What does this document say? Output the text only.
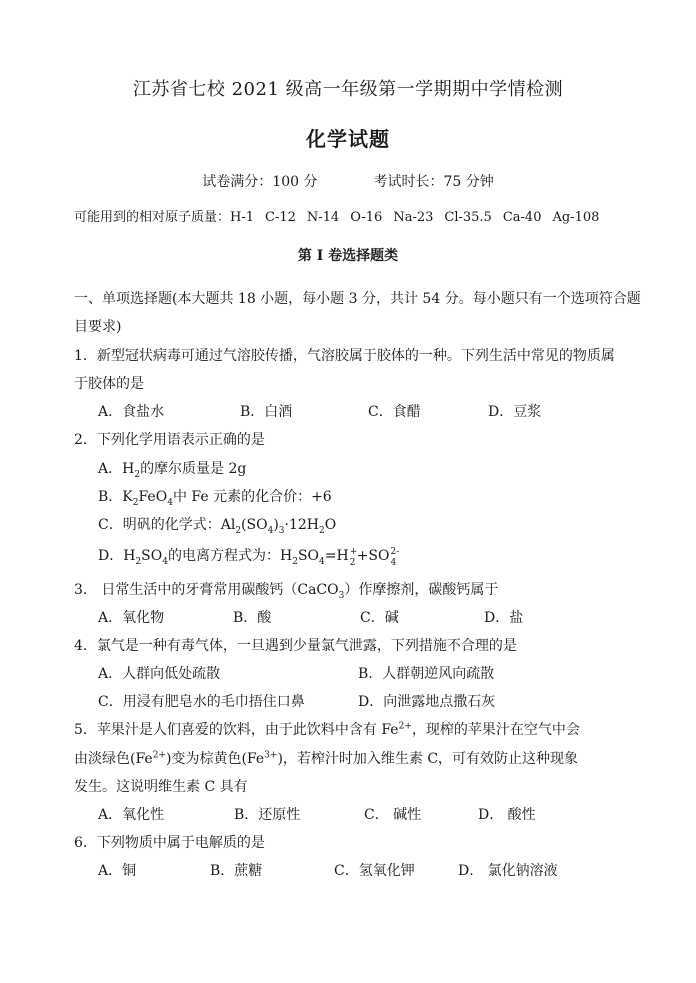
江苏省七校 2021 级高一年级第一学期期中学情检测
化学试题
试卷满分：100 分	考试时长：75 分钟
可能用到的相对原子质量：H-1 C-12 N-14 O-16 Na-23 Cl-35.5 Ca-40 Ag-108
第 I 卷选择题类
一、单项选择题(本大题共 18 小题，每小题 3 分，共计 54 分。每小题只有一个选项符合题
目要求)
1．新型冠状病毒可通过气溶胶传播，气溶胶属于胶体的一种。下列生活中常见的物质属
于胶体的是
A．食盐水	B．白酒	C．食醋	D．豆浆
2．下列化学用语表示正确的是
A．$H_2$的摩尔质量是 2g
B．$K_2FeO_4$中 Fe 元素的化合价：+6
C．明矾的化学式：$Al_2(SO_4)_3\cdot 12H_2O$
D．$H_2SO_4$的电离方程式为：$H_2SO_4=H$ +
2 +SO 2-
4
3． 日常生活中的牙膏常用碳酸钙（CaCO$_3$）作摩擦剂，碳酸钙属于
A．氧化物	B．酸	C．碱	D．盐
4．氯气是一种有毒气体，一旦遇到少量氯气泄露，下列措施不合理的是
A．人群向低处疏散	B．人群朝逆风向疏散
C．用浸有肥皂水的毛巾捂住口鼻	D．向泄露地点撒石灰
5．苹果汁是人们喜爱的饮料，由于此饮料中含有 $Fe^{2+}$，现榨的苹果汁在空气中会
由淡绿色$(Fe^{2+})$变为棕黄色$(Fe^{3+})$，若榨汁时加入维生素 C，可有效防止这种现象
发生。这说明维生素 C 具有
A．氧化性	B．还原性	C． 碱性	D． 酸性
6．下列物质中属于电解质的是
A．铜	B．蔗糖	C．氢氧化钾	D． 氯化钠溶液
